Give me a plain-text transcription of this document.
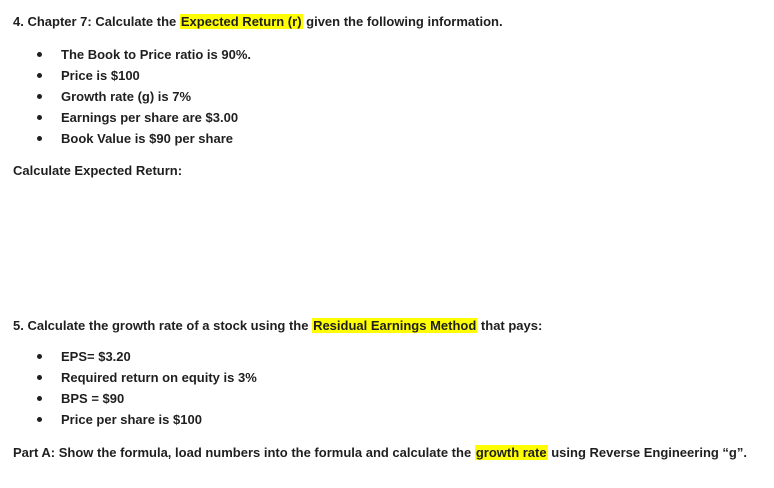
4. Chapter 7: Calculate the Expected Return (r) given the following information.
The Book to Price ratio is 90%.
Price is $100
Growth rate (g) is 7%
Earnings per share are $3.00
Book Value is $90 per share
Calculate Expected Return:
5. Calculate the growth rate of a stock using the Residual Earnings Method that pays:
EPS= $3.20
Required return on equity is 3%
BPS = $90
Price per share is $100
Part A: Show the formula, load numbers into the formula and calculate the growth rate using Reverse Engineering “g”.
